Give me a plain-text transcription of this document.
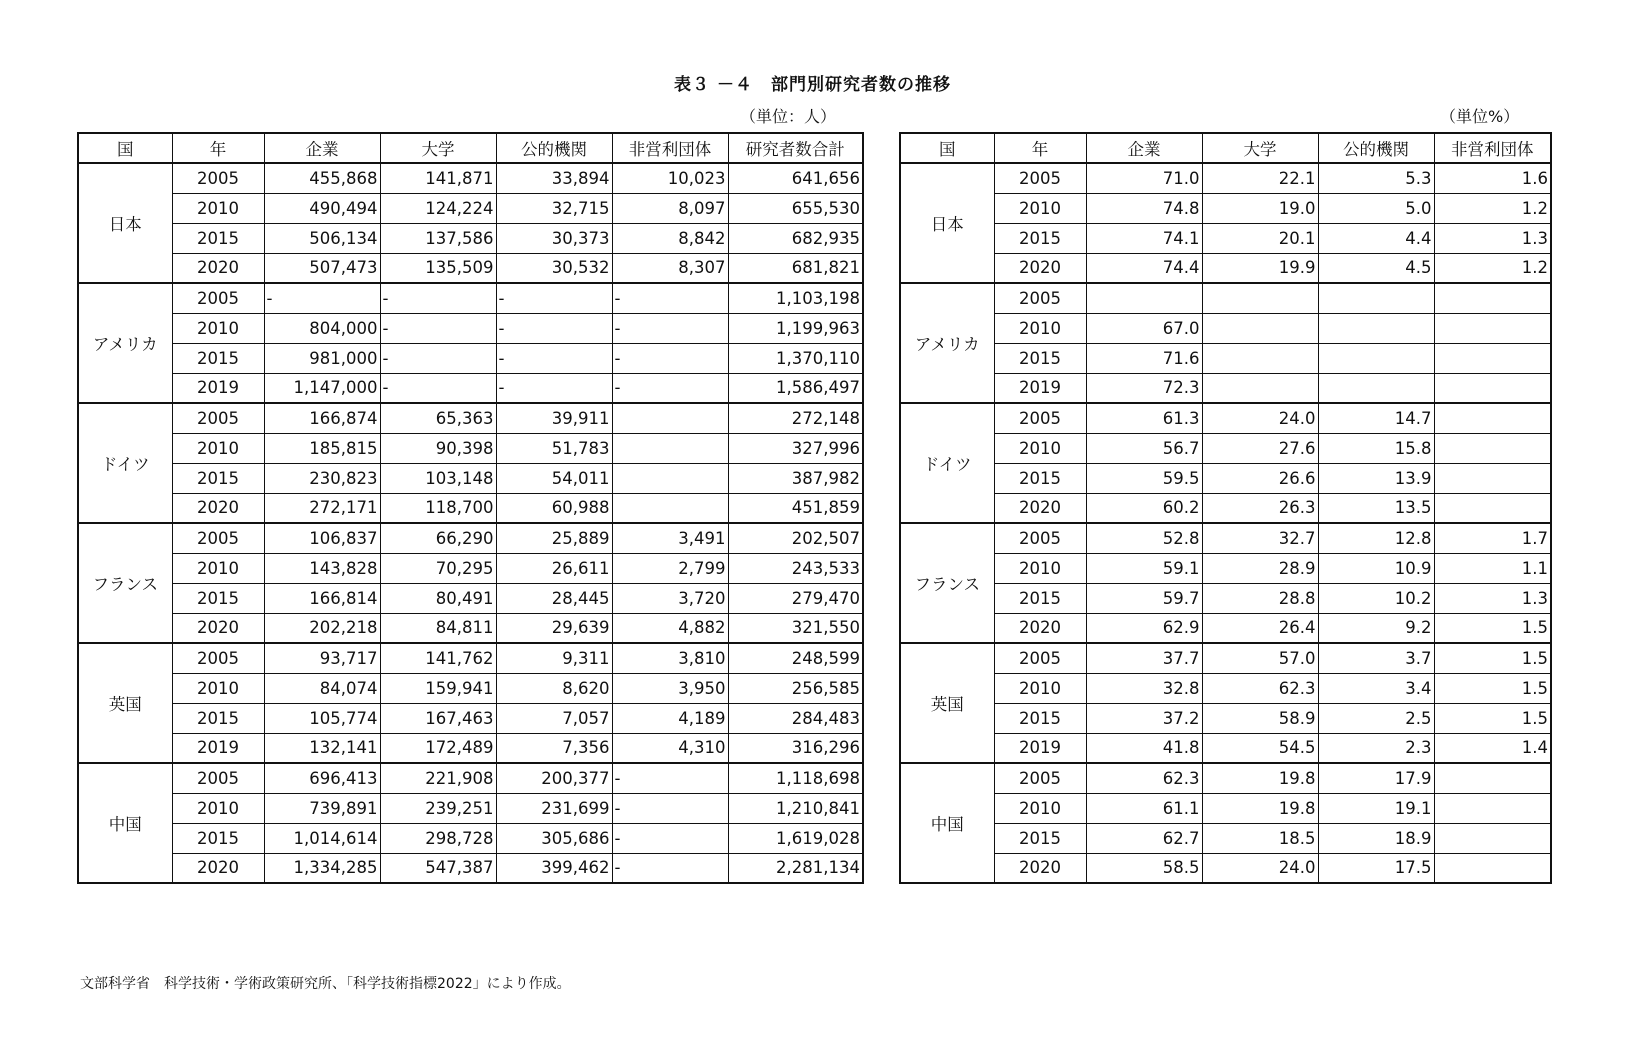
表３ －４　部門別研究者数の推移
（単位：人）	（単位%）
国	年	企業	大学	公的機関	非営利団体	研究者数合計
日本	2005	455,868	141,871	33,894	10,023	641,656
	2010	490,494	124,224	32,715	8,097	655,530
	2015	506,134	137,586	30,373	8,842	682,935
	2020	507,473	135,509	30,532	8,307	681,821
アメリカ	2005	-	-	-	-	1,103,198
	2010	804,000	-	-	-	1,199,963
	2015	981,000	-	-	-	1,370,110
	2019	1,147,000	-	-	-	1,586,497
ドイツ	2005	166,874	65,363	39,911		272,148
	2010	185,815	90,398	51,783		327,996
	2015	230,823	103,148	54,011		387,982
	2020	272,171	118,700	60,988		451,859
フランス	2005	106,837	66,290	25,889	3,491	202,507
	2010	143,828	70,295	26,611	2,799	243,533
	2015	166,814	80,491	28,445	3,720	279,470
	2020	202,218	84,811	29,639	4,882	321,550
英国	2005	93,717	141,762	9,311	3,810	248,599
	2010	84,074	159,941	8,620	3,950	256,585
	2015	105,774	167,463	7,057	4,189	284,483
	2019	132,141	172,489	7,356	4,310	316,296
中国	2005	696,413	221,908	200,377	-	1,118,698
	2010	739,891	239,251	231,699	-	1,210,841
	2015	1,014,614	298,728	305,686	-	1,619,028
	2020	1,334,285	547,387	399,462	-	2,281,134
国	年	企業	大学	公的機関	非営利団体
日本	2005	71.0	22.1	5.3	1.6
	2010	74.8	19.0	5.0	1.2
	2015	74.1	20.1	4.4	1.3
	2020	74.4	19.9	4.5	1.2
アメリカ	2005				
	2010	67.0			
	2015	71.6			
	2019	72.3			
ドイツ	2005	61.3	24.0	14.7	
	2010	56.7	27.6	15.8	
	2015	59.5	26.6	13.9	
	2020	60.2	26.3	13.5	
フランス	2005	52.8	32.7	12.8	1.7
	2010	59.1	28.9	10.9	1.1
	2015	59.7	28.8	10.2	1.3
	2020	62.9	26.4	9.2	1.5
英国	2005	37.7	57.0	3.7	1.5
	2010	32.8	62.3	3.4	1.5
	2015	37.2	58.9	2.5	1.5
	2019	41.8	54.5	2.3	1.4
中国	2005	62.3	19.8	17.9	
	2010	61.1	19.8	19.1	
	2015	62.7	18.5	18.9	
	2020	58.5	24.0	17.5	
文部科学省　科学技術・学術政策研究所、「科学技術指標2022」により作成。
